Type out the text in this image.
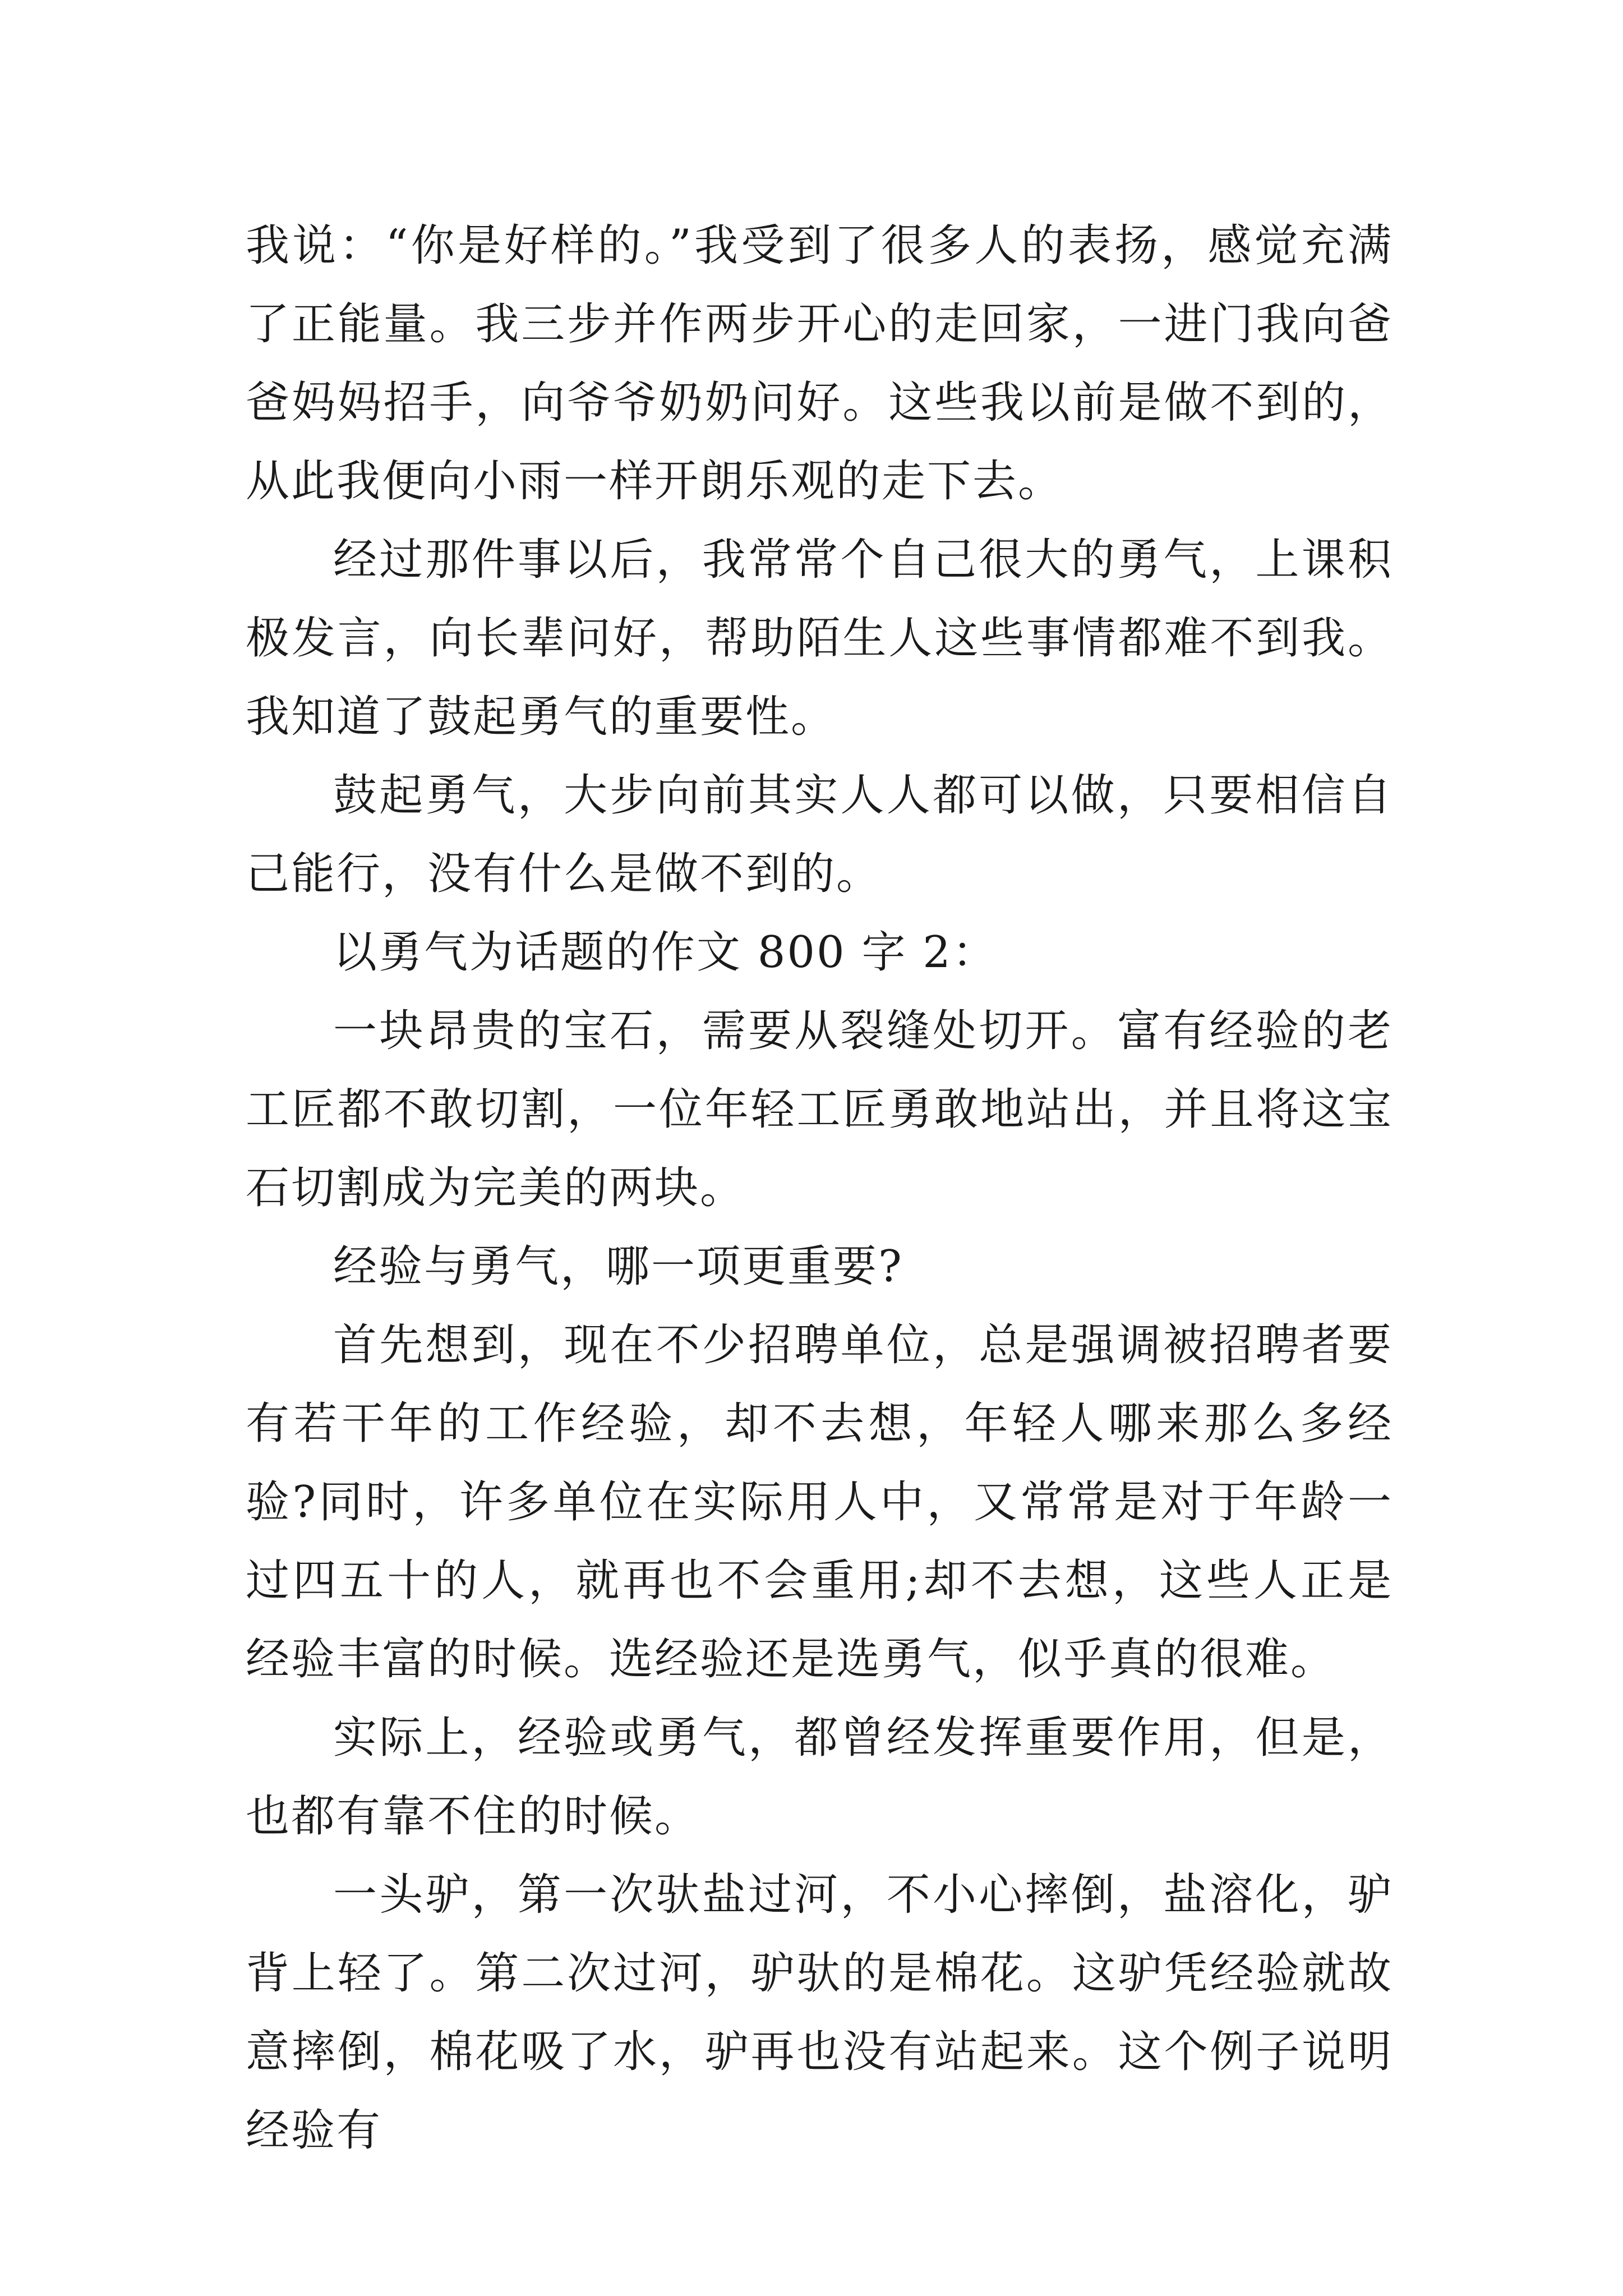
我说：“你是好样的。”我受到了很多人的表扬，感觉充满了正能量。我三步并作两步开心的走回家，一进门我向爸爸妈妈招手，向爷爷奶奶问好。这些我以前是做不到的，从此我便向小雨一样开朗乐观的走下去。

经过那件事以后，我常常个自己很大的勇气，上课积极发言，向长辈问好，帮助陌生人这些事情都难不到我。我知道了鼓起勇气的重要性。

鼓起勇气，大步向前其实人人都可以做，只要相信自己能行，没有什么是做不到的。

以勇气为话题的作文 800 字 2：

一块昂贵的宝石，需要从裂缝处切开。富有经验的老工匠都不敢切割，一位年轻工匠勇敢地站出，并且将这宝石切割成为完美的两块。

经验与勇气，哪一项更重要?

首先想到，现在不少招聘单位，总是强调被招聘者要有若干年的工作经验，却不去想，年轻人哪来那么多经验?同时，许多单位在实际用人中，又常常是对于年龄一过四五十的人，就再也不会重用;却不去想，这些人正是经验丰富的时候。选经验还是选勇气，似乎真的很难。

实际上，经验或勇气，都曾经发挥重要作用，但是，也都有靠不住的时候。

一头驴，第一次驮盐过河，不小心摔倒，盐溶化，驴背上轻了。第二次过河，驴驮的是棉花。这驴凭经验就故意摔倒，棉花吸了水，驴再也没有站起来。这个例子说明经验有
